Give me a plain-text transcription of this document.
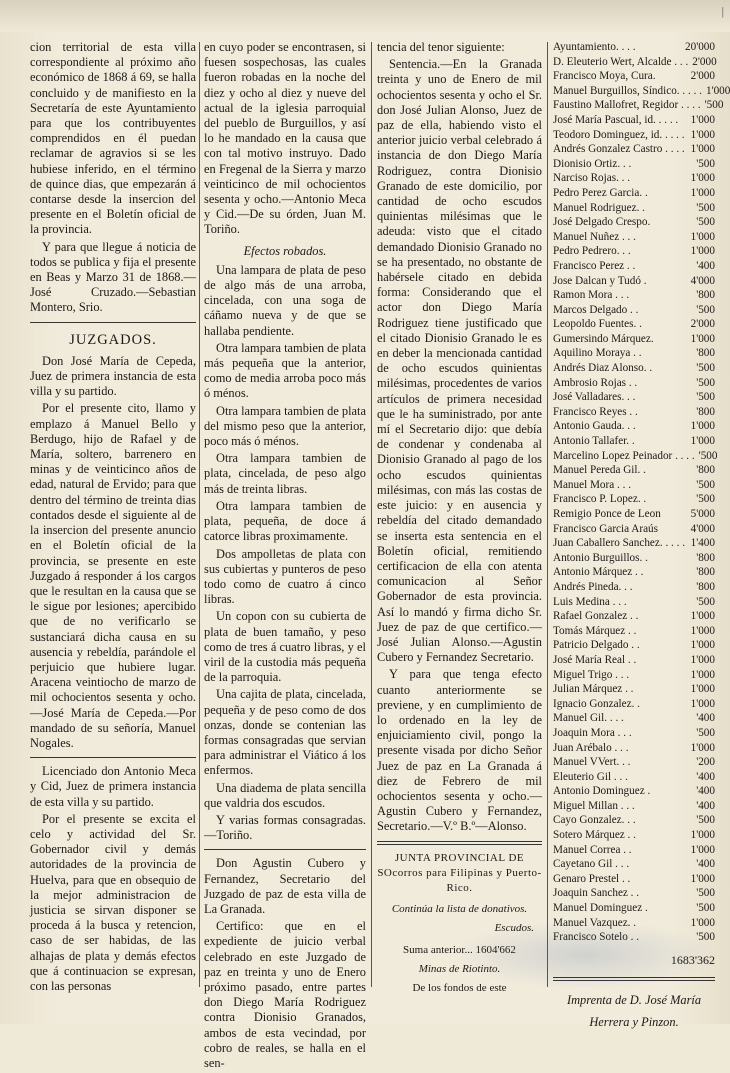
|

cion territorial de esta villa correspondiente al próximo año económico de 1868 á 69, se halla concluido y de manifiesto en la Secretaría de este Ayuntamiento para que los contribuyentes comprendidos en él puedan reclamar de agravios si se les hubiese inferido, en el término de quince dias, que empezarán á contarse desde la insercion del presente en el Boletín oficial de la provincia.

Y para que llegue á noticia de todos se publica y fija el presente en Beas y Marzo 31 de 1868.—José Cruzado.—Sebastian Montero, Srio.

JUZGADOS.

Don José María de Cepeda, Juez de primera instancia de esta villa y su partido.

Por el presente cito, llamo y emplazo á Manuel Bello y Berdugo, hijo de Rafael y de María, soltero, barrenero en minas y de veinticinco años de edad, natural de Ervido; para que dentro del término de treinta dias contados desde el siguiente al de la insercion del presente anuncio en el Boletín oficial de la provincia, se presente en este Juzgado á responder á los cargos que le resultan en la causa que se le sigue por lesiones; apercibido que de no verificarlo se sustanciará dicha causa en su ausencia y rebeldía, parándole el perjuicio que hubiere lugar. Aracena veintiocho de marzo de mil ochocientos sesenta y ocho.—José María de Cepeda.—Por mandado de su señoría, Manuel Nogales.

Licenciado don Antonio Meca y Cid, Juez de primera instancia de esta villa y su partido.

Por el presente se excita el celo y actividad del Sr. Gobernador civil y demás autoridades de la provincia de Huelva, para que en obsequio de la mejor administracion de justicia se sirvan disponer se proceda á la busca y retencion, caso de ser habidas, de las alhajas de plata y demás efectos que á continuacion se expresan, con las personas

en cuyo poder se encontrasen, si fuesen sospechosas, las cuales fueron robadas en la noche del diez y ocho al diez y nueve del actual de la iglesia parroquial del pueblo de Burguillos, y así lo he mandado en la causa que con tal motivo instruyo. Dado en Fregenal de la Sierra y marzo veinticinco de mil ochocientos sesenta y ocho.—Antonio Meca y Cid.—De su órden, Juan M. Toriño.

Efectos robados.

Una lampara de plata de peso de algo más de una arroba, cincelada, con una soga de cáñamo nueva y de que se hallaba pendiente.

Otra lampara tambien de plata más pequeña que la anterior, como de media arroba poco más ó ménos.

Otra lampara tambien de plata del mismo peso que la anterior, poco más ó ménos.

Otra lampara tambien de plata, cincelada, de peso algo más de treinta libras.

Otra lampara tambien de plata, pequeña, de doce á catorce libras proximamente.

Dos ampolletas de plata con sus cubiertas y punteros de peso todo como de cuatro á cinco libras.

Un copon con su cubierta de plata de buen tamaño, y peso como de tres á cuatro libras, y el viril de la custodia más pequeña de la parroquia.

Una cajita de plata, cincelada, pequeña y de peso como de dos onzas, donde se contenian las formas consagradas que servian para administrar el Viático á los enfermos.

Una diadema de plata sencilla que valdria dos escudos.

Y varias formas consagradas.—Toriño.

Don Agustin Cubero y Fernandez, Secretario del Juzgado de paz de esta villa de La Granada.

Certifico: que en el expediente de juicio verbal celebrado en este Juzgado de paz en treinta y uno de Enero próximo pasado, entre partes don Diego María Rodriguez contra Dionisio Granados, ambos de esta vecindad, por cobro de reales, se halla en el sen-

tencia del tenor siguiente:

Sentencia.—En la Granada treinta y uno de Enero de mil ochocientos sesenta y ocho el Sr. don José Julian Alonso, Juez de paz de ella, habiendo visto el anterior juicio verbal celebrado á instancia de don Diego María Rodriguez, contra Dionisio Granado de este domicilio, por cantidad de ocho escudos quinientas milésimas que le adeuda: visto que el citado demandado Dionisio Granado no se ha presentado, no obstante de habérsele citado en debida forma: Considerando que el actor don Diego María Rodriguez tiene justificado que el citado Dionisio Granado le es en deber la mencionada cantidad de ocho escudos quinientas milésimas, procedentes de varios artículos de primera necesidad que le ha suministrado, por ante mí el Secretario dijo: que debía de condenar y condenaba al Dionisio Granado al pago de los ocho escudos quinientas milésimas, con más las costas de este juicio: y en ausencia y rebeldía del citado demandado se inserta esta sentencia en el Boletín oficial, remitiendo certificacion de ella con atenta comunicacion al Señor Gobernador de esta provincia. Así lo mandó y firma dicho Sr. Juez de paz de que certifico.—José Julian Alonso.—Agustin Cubero y Fernandez Secretario.

Y para que tenga efecto cuanto anteriormente se previene, y en cumplimiento de lo ordenado en la ley de enjuiciamiento civil, pongo la presente visada por dicho Señor Juez de paz en La Granada á diez de Febrero de mil ochocientos sesenta y ocho.—Agustin Cubero y Fernandez, Secretario.—V.º B.º—Alonso.

JUNTA PROVINCIAL DE SOcorros para Filipinas y Puerto-Rico.
Continúa la lista de donativos.
Escudos.
Suma anterior... 1604'662
Minas de Riotinto.
De los fondos de este
Ayuntamiento. . . .	20'000
D. Eleuterio Wert, Alcalde . . . 2'000
Francisco Moya, Cura.	2'000
Manuel Burguillos, Síndico. . . . . 1'000
Faustino Mallofret, Regidor . . . . '500
José María Pascual, id. . . . .	1'000
Teodoro Dominguez, id. . . . . 1'000
Andrés Gonzalez Castro . . . . 1'000
Dionisio Ortiz. . .	'500
Narciso Rojas. . .	1'000
Pedro Perez Garcia. .	1'000
Manuel Rodriguez. .	'500
José Delgado Crespo.	'500
Manuel Nuñez . . .	1'000
Pedro Pedrero. . .	1'000
Francisco Perez . .	'400
Jose Dalcan y Tudó .	4'000
Ramon Mora . . .	'800
Marcos Delgado . .	'500
Leopoldo Fuentes. .	2'000
Gumersindo Márquez.	1'000
Aquilino Moraya . .	'800
Andrés Diaz Alonso. .	'500
Ambrosio Rojas . .	'500
José Valladares. . .	'500
Francisco Reyes . .	'800
Antonio Gauda. . .	1'000
Antonio Tallafer. .	1'000
Marcelino Lopez Peinador . . . . '500
Manuel Pereda Gil. .	'800
Manuel Mora . . .	'500
Francisco P. Lopez. .	'500
Remigio Ponce de Leon	5'000
Francisco Garcia Araús	4'000
Juan Caballero Sanchez. . . . . 1'400
Antonio Burguillos. .	'800
Antonio Márquez . .	'800
Andrés Pineda. . .	'800
Luis Medina . . .	'500
Rafael Gonzalez . .	1'000
Tomás Márquez . .	1'000
Patricio Delgado . .	1'000
José María Real . .	1'000
Miguel Trigo . . .	1'000
Julian Márquez . .	1'000
Ignacio Gonzalez. .	1'000
Manuel Gil. . . .	'400
Joaquin Mora . . .	'500
Juan Arébalo . . .	1'000
Manuel VVert. . .	'200
Eleuterio Gil . . .	'400
Antonio Dominguez .	'400
Miguel Millan . . .	'400
Cayo Gonzalez. . .	'500
Sotero Márquez . .	1'000
Manuel Correa . .	1'000
Cayetano Gil . . .	'400
Genaro Prestel . .	1'000
Joaquin Sanchez . .	'500
Manuel Dominguez .	'500
Manuel Vazquez. .	1'000
Francisco Sotelo . .	'500
1683'362
Imprenta de D. José María
Herrera y Pinzon.
